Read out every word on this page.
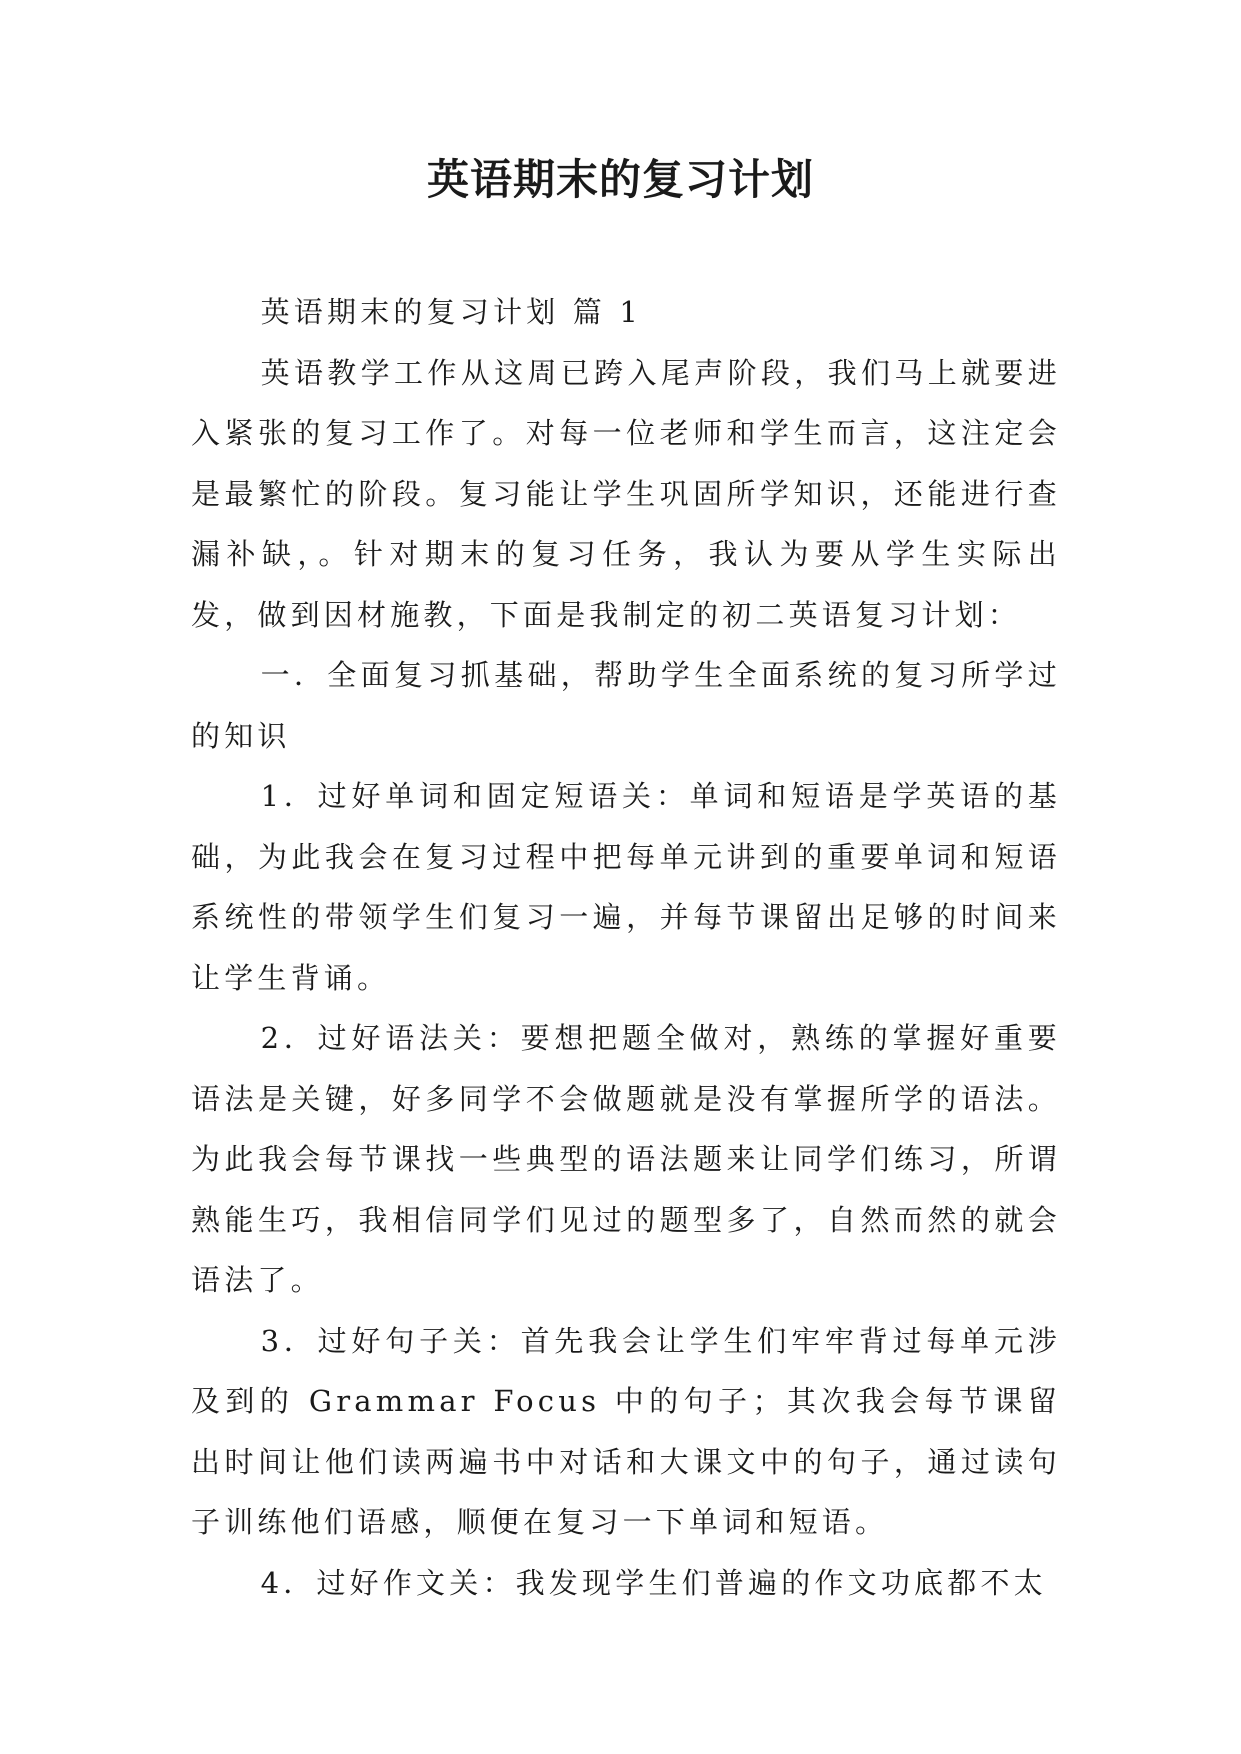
英语期末的复习计划

英语期末的复习计划 篇 1

英语教学工作从这周已跨入尾声阶段，我们马上就要进入紧张的复习工作了。对每一位老师和学生而言，这注定会是最繁忙的阶段。复习能让学生巩固所学知识，还能进行查漏补缺，。针对期末的复习任务，我认为要从学生实际出发，做到因材施教，下面是我制定的初二英语复习计划：

一．全面复习抓基础，帮助学生全面系统的复习所学过的知识

1．过好单词和固定短语关：单词和短语是学英语的基础，为此我会在复习过程中把每单元讲到的重要单词和短语系统性的带领学生们复习一遍，并每节课留出足够的时间来让学生背诵。

2．过好语法关：要想把题全做对，熟练的掌握好重要语法是关键，好多同学不会做题就是没有掌握所学的语法。为此我会每节课找一些典型的语法题来让同学们练习，所谓熟能生巧，我相信同学们见过的题型多了，自然而然的就会语法了。

3．过好句子关：首先我会让学生们牢牢背过每单元涉及到的 Grammar Focus 中的句子；其次我会每节课留出时间让他们读两遍书中对话和大课文中的句子，通过读句子训练他们语感，顺便在复习一下单词和短语。

4．过好作文关：我发现学生们普遍的作文功底都不太
